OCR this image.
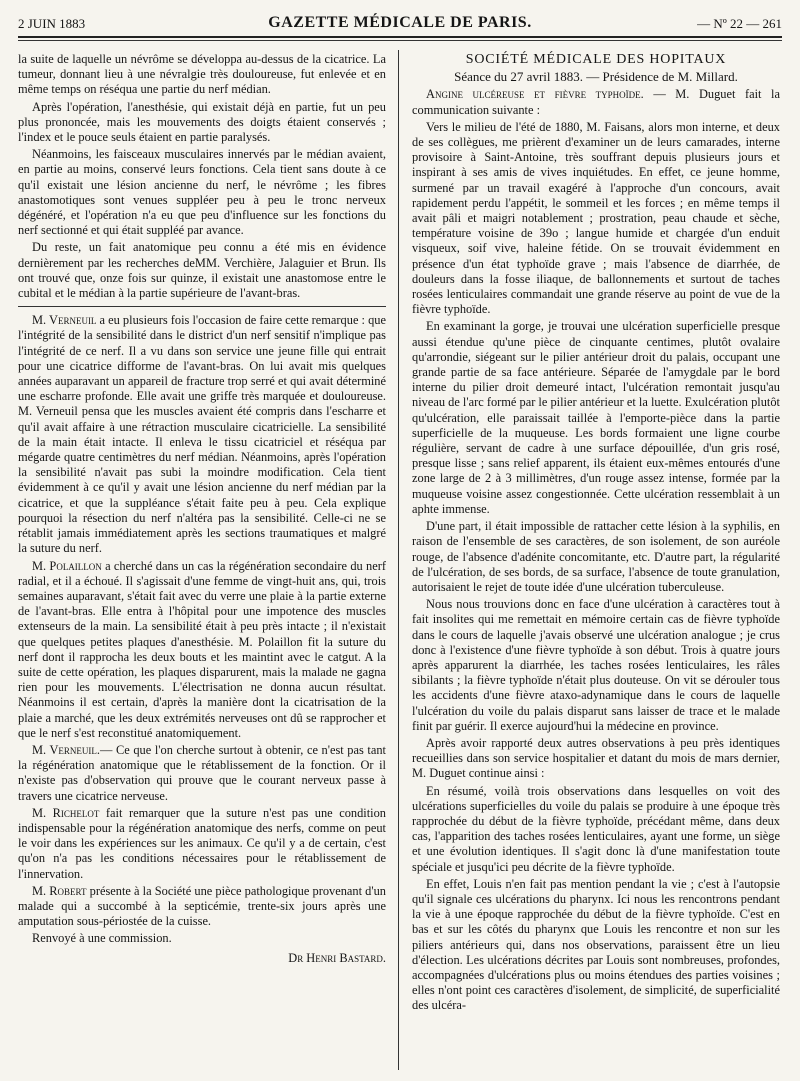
2 JUIN 1883	GAZETTE MÉDICALE DE PARIS.	— Nº 22 — 261

la suite de laquelle un névrôme se développa au-dessus de la cicatrice. La tumeur, donnant lieu à une névralgie très douloureuse, fut enlevée et en même temps on réséqua une partie du nerf médian.

Après l'opération, l'anesthésie, qui existait déjà en partie, fut un peu plus prononcée, mais les mouvements des doigts étaient conservés ; l'index et le pouce seuls étaient en partie paralysés.

Néanmoins, les faisceaux musculaires innervés par le médian avaient, en partie au moins, conservé leurs fonctions. Cela tient sans doute à ce qu'il existait une lésion ancienne du nerf, le névrôme ; les fibres anastomotiques sont venues suppléer peu à peu le tronc nerveux dégénéré, et l'opération n'a eu que peu d'influence sur les fonctions du nerf sectionné et qui était suppléé par avance.

Du reste, un fait anatomique peu connu a été mis en évidence dernièrement par les recherches deMM. Verchière, Jalaguier et Brun. Ils ont trouvé que, onze fois sur quinze, il existait une anastomose entre le cubital et le médian à la partie supérieure de l'avant-bras.

M. Verneuil a eu plusieurs fois l'occasion de faire cette remarque : que l'intégrité de la sensibilité dans le district d'un nerf sensitif n'implique pas l'intégrité de ce nerf. Il a vu dans son service une jeune fille qui entrait pour une cicatrice difforme de l'avant-bras. On lui avait mis quelques années auparavant un appareil de fracture trop serré et qui avait déterminé une escharre profonde. Elle avait une griffe très marquée et douloureuse. M. Verneuil pensa que les muscles avaient été compris dans l'escharre et qu'il avait affaire à une rétraction musculaire cicatricielle. La sensibilité de la main était intacte. Il enleva le tissu cicatriciel et réséqua par mégarde quatre centimètres du nerf médian. Néanmoins, après l'opération la sensibilité n'avait pas subi la moindre modification. Cela tient évidemment à ce qu'il y avait une lésion ancienne du nerf médian par la cicatrice, et que la suppléance s'était faite peu à peu. Cela explique pourquoi la résection du nerf n'altéra pas la sensibilité. Celle-ci ne se rétablit jamais immédiatement après les sections traumatiques et malgré la suture du nerf.

M. Polaillon a cherché dans un cas la régénération secondaire du nerf radial, et il a échoué. Il s'agissait d'une femme de vingt-huit ans, qui, trois semaines auparavant, s'était fait avec du verre une plaie à la partie externe de l'avant-bras. Elle entra à l'hôpital pour une impotence des muscles extenseurs de la main. La sensibilité était à peu près intacte ; il n'existait que quelques petites plaques d'anesthésie. M. Polaillon fit la suture du nerf dont il rapprocha les deux bouts et les maintint avec le catgut. A la suite de cette opération, les plaques disparurent, mais la malade ne gagna rien pour les mouvements. L'électrisation ne donna aucun résultat. Néanmoins il est certain, d'après la manière dont la cicatrisation de la plaie a marché, que les deux extrémités nerveuses ont dû se rapprocher et que le nerf s'est reconstitué anatomiquement.

M. Verneuil.— Ce que l'on cherche surtout à obtenir, ce n'est pas tant la régénération anatomique que le rétablissement de la fonction. Or il n'existe pas d'observation qui prouve que le courant nerveux passe à travers une cicatrice nerveuse.

M. Richelot fait remarquer que la suture n'est pas une condition indispensable pour la régénération anatomique des nerfs, comme on peut le voir dans les expériences sur les animaux. Ce qu'il y a de certain, c'est qu'on n'a pas les conditions nécessaires pour le rétablissement de l'innervation.

M. Robert présente à la Société une pièce pathologique provenant d'un malade qui a succombé à la septicémie, trente-six jours après une amputation sous-périostée de la cuisse.

Renvoyé à une commission.

Dr Henri Bastard.
SOCIÉTÉ MÉDICALE DES HOPITAUX
Séance du 27 avril 1883. — Présidence de M. Millard.

Angine ulcéreuse et fièvre typhoïde. — M. Duguet fait la communication suivante :

Vers le milieu de l'été de 1880, M. Faisans, alors mon interne, et deux de ses collègues, me prièrent d'examiner un de leurs camarades, interne provisoire à Saint-Antoine, très souffrant depuis plusieurs jours et inspirant à ses amis de vives inquiétudes. En effet, ce jeune homme, surmené par un travail exagéré à l'approche d'un concours, avait rapidement perdu l'appétit, le sommeil et les forces ; en même temps il avait pâli et maigri notablement ; prostration, peau chaude et sèche, température voisine de 39o ; langue humide et chargée d'un enduit visqueux, soif vive, haleine fétide. On se trouvait évidemment en présence d'un état typhoïde grave ; mais l'absence de diarrhée, de douleurs dans la fosse iliaque, de ballonnements et surtout de taches rosées lenticulaires commandait une grande réserve au point de vue de la fièvre typhoïde.

En examinant la gorge, je trouvai une ulcération superficielle presque aussi étendue qu'une pièce de cinquante centimes, plutôt ovalaire qu'arrondie, siégeant sur le pilier antérieur droit du palais, occupant une grande partie de sa face antérieure. Séparée de l'amygdale par le bord interne du pilier droit demeuré intact, l'ulcération remontait jusqu'au niveau de l'arc formé par le pilier antérieur et la luette. Exulcération plutôt qu'ulcération, elle paraissait taillée à l'emporte-pièce dans la partie superficielle de la muqueuse. Les bords formaient une ligne courbe régulière, servant de cadre à une surface dépouillée, d'un gris rosé, presque lisse ; sans relief apparent, ils étaient eux-mêmes entourés d'une zone large de 2 à 3 millimètres, d'un rouge assez intense, formée par la muqueuse voisine assez congestionnée. Cette ulcération ressemblait à un aphte immense.

D'une part, il était impossible de rattacher cette lésion à la syphilis, en raison de l'ensemble de ses caractères, de son isolement, de son auréole rouge, de l'absence d'adénite concomitante, etc. D'autre part, la régularité de l'ulcération, de ses bords, de sa surface, l'absence de toute granulation, autorisaient le rejet de toute idée d'une ulcération tuberculeuse.

Nous nous trouvions donc en face d'une ulcération à caractères tout à fait insolites qui me remettait en mémoire certain cas de fièvre typhoïde dans le cours de laquelle j'avais observé une ulcération analogue ; je crus donc à l'existence d'une fièvre typhoïde à son début. Trois à quatre jours après apparurent la diarrhée, les taches rosées lenticulaires, les râles sibilants ; la fièvre typhoïde n'était plus douteuse. On vit se dérouler tous les accidents d'une fièvre ataxo-adynamique dans le cours de laquelle l'ulcération du voile du palais disparut sans laisser de trace et le malade finit par guérir. Il exerce aujourd'hui la médecine en province.

Après avoir rapporté deux autres observations à peu près identiques recueillies dans son service hospitalier et datant du mois de mars dernier, M. Duguet continue ainsi :

En résumé, voilà trois observations dans lesquelles on voit des ulcérations superficielles du voile du palais se produire à une époque très rapprochée du début de la fièvre typhoïde, précédant même, dans deux cas, l'apparition des taches rosées lenticulaires, ayant une forme, un siège et une évolution identiques. Il s'agit donc là d'une manifestation toute spéciale et jusqu'ici peu décrite de la fièvre typhoïde.

En effet, Louis n'en fait pas mention pendant la vie ; c'est à l'autopsie qu'il signale ces ulcérations du pharynx. Ici nous les rencontrons pendant la vie à une époque rapprochée du début de la fièvre typhoïde. C'est en bas et sur les côtés du pharynx que Louis les rencontre et non sur les piliers antérieurs qui, dans nos observations, paraissent être un lieu d'élection. Les ulcérations décrites par Louis sont nombreuses, profondes, accompagnées d'ulcérations plus ou moins étendues des parties voisines ; elles n'ont point ces caractères d'isolement, de simplicité, de superficialité des ulcéra-
